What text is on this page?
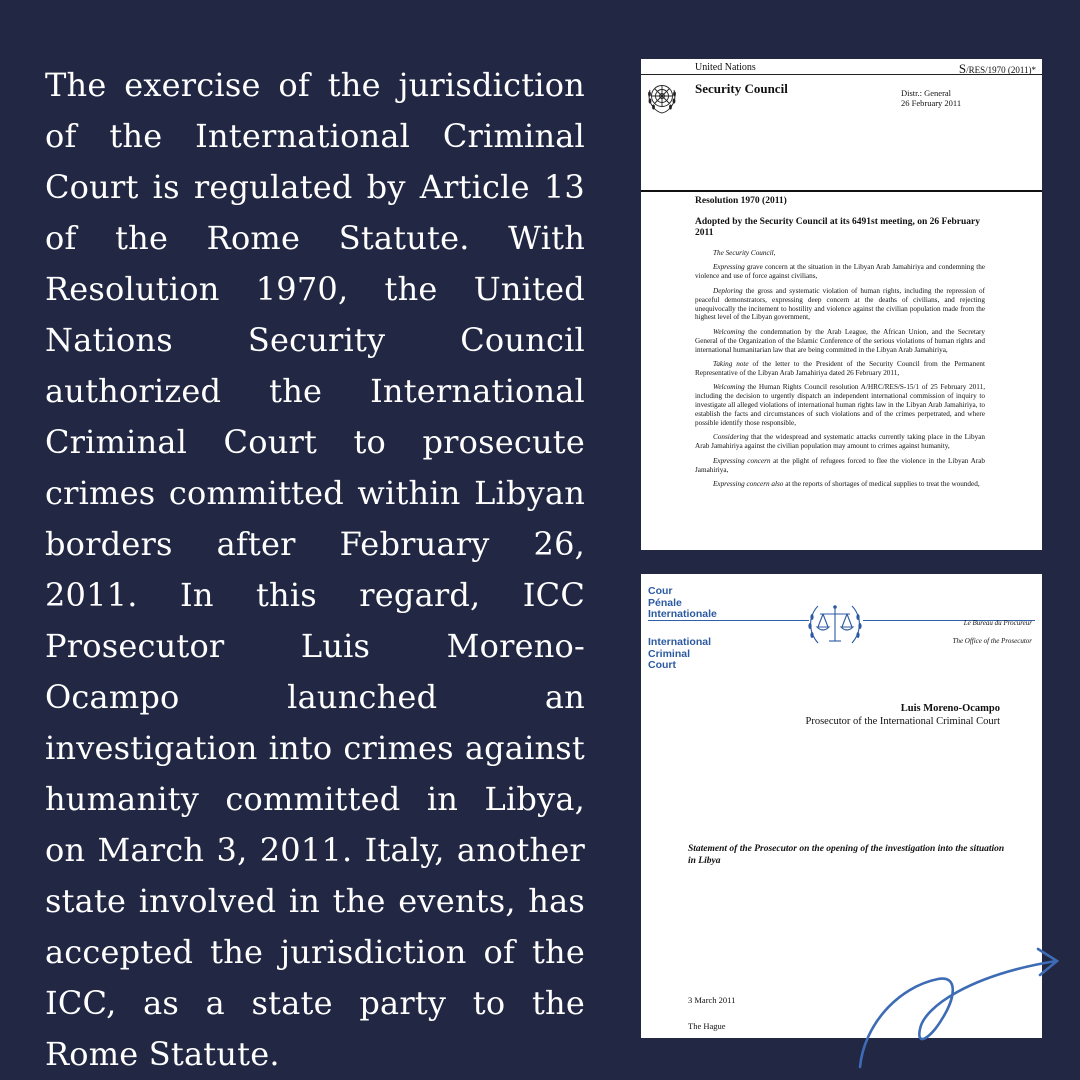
The exercise of the jurisdiction of the International Criminal Court is regulated by Article 13 of the Rome Statute. With Resolution 1970, the United Nations Security Council authorized the International Criminal Court to prosecute crimes committed within Libyan borders after February 26, 2011. In this regard, ICC Prosecutor Luis Moreno-Ocampo launched an investigation into crimes against humanity committed in Libya, on March 3, 2011. Italy, another state involved in the events, has accepted the jurisdiction of the ICC, as a state party to the Rome Statute.

United Nations	S/RES/1970 (2011)*
Security Council	Distr.: General
26 February 2011
Resolution 1970 (2011)
Adopted by the Security Council at its 6491st meeting, on 26 February 2011

The Security Council,

Expressing grave concern at the situation in the Libyan Arab Jamahiriya and condemning the violence and use of force against civilians,

Deploring the gross and systematic violation of human rights, including the repression of peaceful demonstrators, expressing deep concern at the deaths of civilians, and rejecting unequivocally the incitement to hostility and violence against the civilian population made from the highest level of the Libyan government,

Welcoming the condemnation by the Arab League, the African Union, and the Secretary General of the Organization of the Islamic Conference of the serious violations of human rights and international humanitarian law that are being committed in the Libyan Arab Jamahiriya,

Taking note of the letter to the President of the Security Council from the Permanent Representative of the Libyan Arab Jamahiriya dated 26 February 2011,

Welcoming the Human Rights Council resolution A/HRC/RES/S-15/1 of 25 February 2011, including the decision to urgently dispatch an independent international commission of inquiry to investigate all alleged violations of international human rights law in the Libyan Arab Jamahiriya, to establish the facts and circumstances of such violations and of the crimes perpetrated, and where possible identify those responsible,

Considering that the widespread and systematic attacks currently taking place in the Libyan Arab Jamahiriya against the civilian population may amount to crimes against humanity,

Expressing concern at the plight of refugees forced to flee the violence in the Libyan Arab Jamahiriya,

Expressing concern also at the reports of shortages of medical supplies to treat the wounded,

Cour
Pénale
Internationale
Le Bureau du Procureur
The Office of the Prosecutor
International
Criminal
Court
Luis Moreno-Ocampo
Prosecutor of the International Criminal Court
Statement of the Prosecutor on the opening of the investigation into the situation in Libya
3 March 2011
The Hague
